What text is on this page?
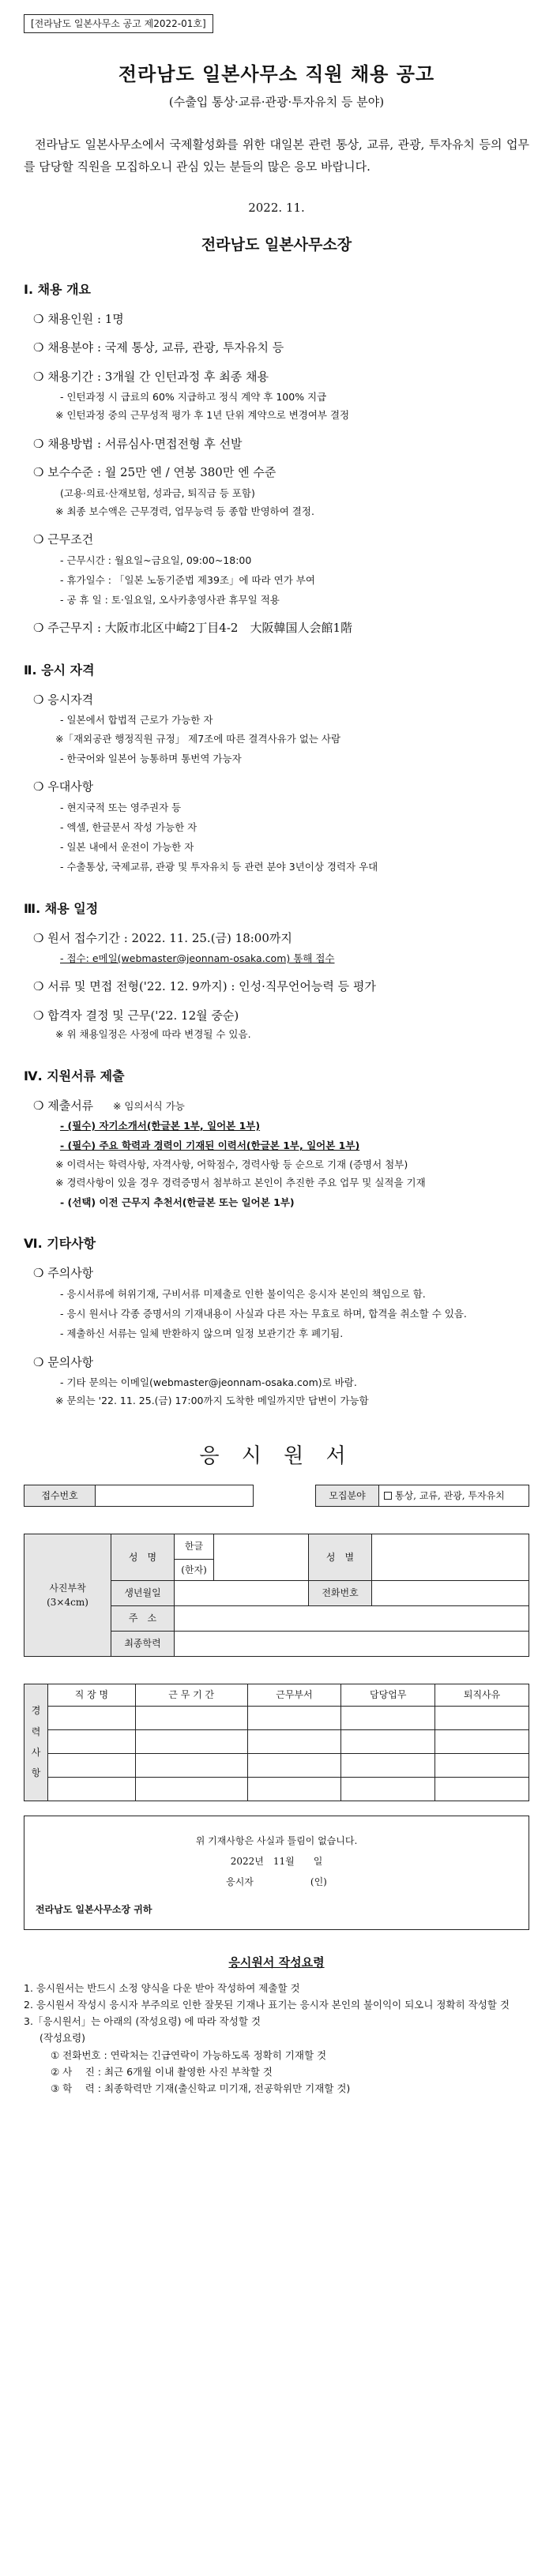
[전라남도 일본사무소 공고 제2022-01호]
전라남도 일본사무소 직원 채용 공고
(수출입 통상·교류·관광·투자유치 등 분야)

전라남도 일본사무소에서 국제활성화를 위한 대일본 관련 통상, 교류, 관광, 투자유치 등의 업무를 담당할 직원을 모집하오니 관심 있는 분들의 많은 응모 바랍니다.

2022. 11.
전라남도 일본사무소장
Ⅰ. 채용 개요
❍ 채용인원 : 1명
❍ 채용분야 : 국제 통상, 교류, 관광, 투자유치 등
❍ 채용기간 : 3개월 간 인턴과정 후 최종 채용
- 인턴과정 시 급료의 60% 지급하고 정식 계약 후 100% 지급
※ 인턴과정 중의 근무성적 평가 후 1년 단위 계약으로 변경여부 결정
❍ 채용방법 : 서류심사·면접전형 후 선발
❍ 보수수준 : 월 25만 엔 / 연봉 380만 엔 수준
(고용·의료·산재보험, 성과금, 퇴직금 등 포함)
※ 최종 보수액은 근무경력, 업무능력 등 종합 반영하여 결정.
❍ 근무조건
- 근무시간 : 월요일~금요일, 09:00~18:00
- 휴가일수 : 「일본 노동기준법 제39조」에 따라 연가 부여
- 공 휴 일 : 토·일요일, 오사카총영사관 휴무일 적용
❍ 주근무지 : 大阪市北区中崎2丁目4-2　大阪韓国人会館1階
Ⅱ. 응시 자격
❍ 응시자격
- 일본에서 합법적 근로가 가능한 자
※「재외공관 행정직원 규정」 제7조에 따른 결격사유가 없는 사람
- 한국어와 일본어 능통하며 통번역 가능자
❍ 우대사항
- 현지국적 또는 영주권자 등
- 엑셀, 한글문서 작성 가능한 자
- 일본 내에서 운전이 가능한 자
- 수출통상, 국제교류, 관광 및 투자유치 등 관련 분야 3년이상 경력자 우대
Ⅲ. 채용 일정
❍ 원서 접수기간 : 2022. 11. 25.(금) 18:00까지
- 접수: e메일(webmaster@jeonnam-osaka.com) 통해 접수
❍ 서류 및 면접 전형('22. 12. 9까지) : 인성·직무언어능력 등 평가
❍ 합격자 결정 및 근무('22. 12월 중순)
※ 위 채용일정은 사정에 따라 변경될 수 있음.
Ⅳ. 지원서류 제출
❍ 제출서류 ※ 임의서식 가능
- (필수) 자기소개서(한글본 1부, 일어본 1부)
- (필수) 주요 학력과 경력이 기재된 이력서(한글본 1부, 일어본 1부)
※ 이력서는 학력사항, 자격사항, 어학점수, 경력사항 등 순으로 기재 (증명서 첨부)
※ 경력사항이 있을 경우 경력증명서 첨부하고 본인이 추진한 주요 업무 및 실적을 기재
- (선택) 이전 근무지 추천서(한글본 또는 일어본 1부)
Ⅵ. 기타사항
❍ 주의사항
- 응시서류에 허위기재, 구비서류 미제출로 인한 불이익은 응시자 본인의 책임으로 함.
- 응시 원서나 각종 증명서의 기재내용이 사실과 다른 자는 무효로 하며, 합격을 취소할 수 있음.
- 제출하신 서류는 일체 반환하지 않으며 일정 보관기간 후 폐기됨.
❍ 문의사항
- 기타 문의는 이메일(webmaster@jeonnam-osaka.com)로 바람.
※ 문의는 '22. 11. 25.(금) 17:00까지 도착한 메일까지만 답변이 가능함
응 시 원 서
접수번호			모집분야	통상, 교류, 관광, 투자유치
사진부착 (3×4cm)	성　명	한글		성　별	
		(한자)			
	생년월일			전화번호	
	주　소				
	최종학력				
경 력 사 항	직 장 명	근 무 기 간	근무부서	담당업무	퇴직사유

위 기재사항은 사실과 틀림이 없습니다.
2022년　11월　　일
응시자　　　　　　(인)
전라남도 일본사무소장 귀하
응시원서 작성요령
1. 응시원서는 반드시 소정 양식을 다운 받아 작성하여 제출할 것
2. 응시원서 작성시 응시자 부주의로 인한 잘못된 기재나 표기는 응시자 본인의 불이익이 되오니 정확히 작성할 것
3.「응시원서」는 아래의 (작성요령) 에 따라 작성할 것
(작성요령)
① 전화번호 : 연락처는 긴급연락이 가능하도록 정확히 기재할 것
② 사　 진 : 최근 6개월 이내 촬영한 사진 부착할 것
③ 학　 력 : 최종학력만 기재(출신학교 미기재, 전공학위만 기재할 것)
